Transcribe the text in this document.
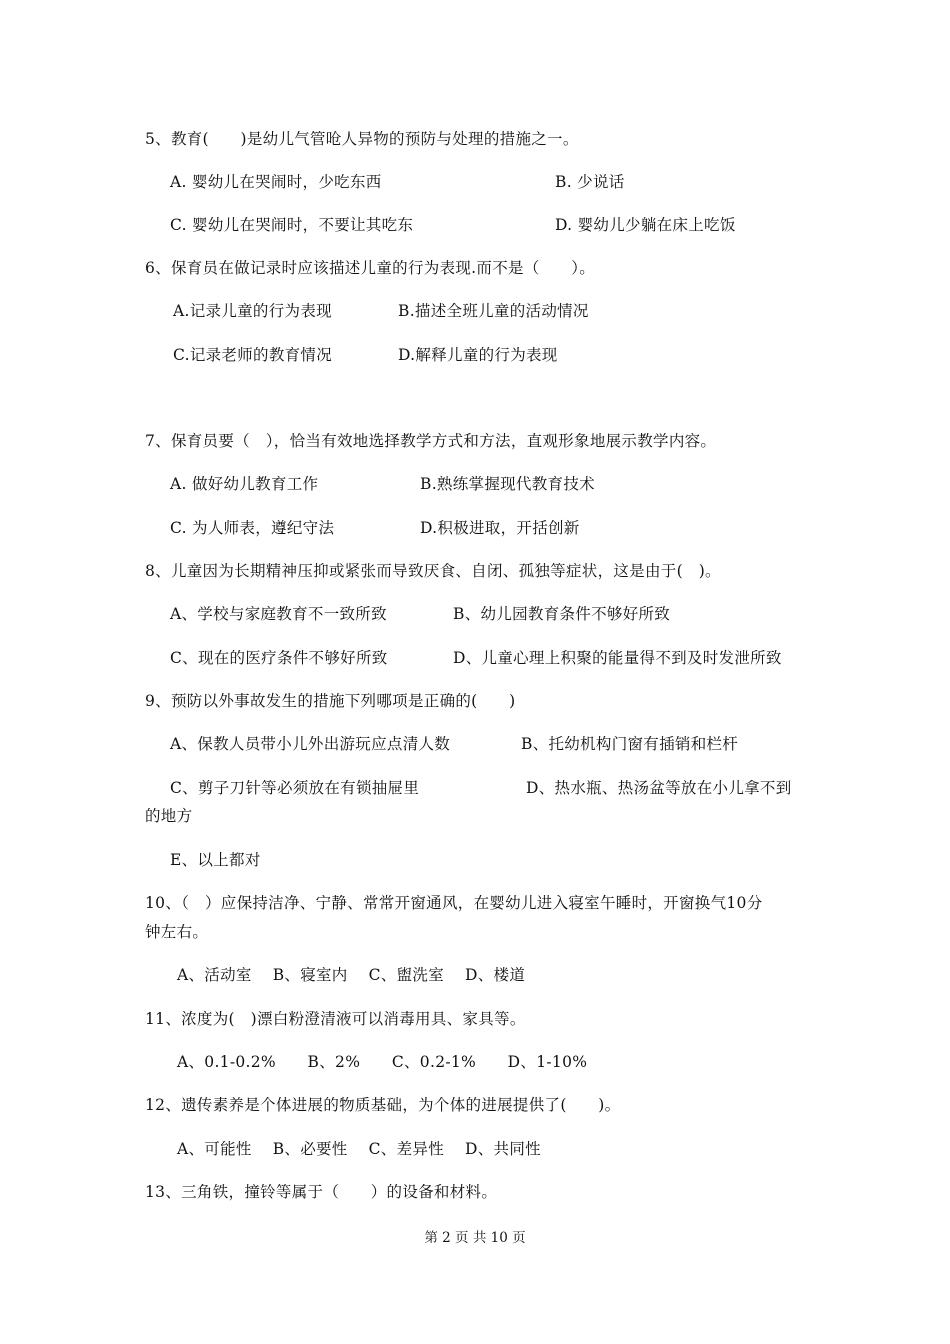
5、教育(　　)是幼儿气管呛人异物的预防与处理的措施之一。
A. 婴幼儿在哭闹时，少吃东西	B. 少说话
C. 婴幼儿在哭闹时，不要让其吃东	D. 婴幼儿少躺在床上吃饭
6、保育员在做记录时应该描述儿童的行为表现.而不是（　　）。
A.记录儿童的行为表现	B.描述全班儿童的活动情况
C.记录老师的教育情况	D.解释儿童的行为表现
7、保育员要（　），恰当有效地选择教学方式和方法，直观形象地展示教学内容。
A. 做好幼儿教育工作	B.熟练掌握现代教育技术
C. 为人师表，遵纪守法	D.积极进取，开括创新
8、儿童因为长期精神压抑或紧张而导致厌食、自闭、孤独等症状，这是由于(　)。
A、学校与家庭教育不一致所致	B、幼儿园教育条件不够好所致
C、现在的医疗条件不够好所致	D、儿童心理上积聚的能量得不到及时发泄所致
9、预防以外事故发生的措施下列哪项是正确的(　　)
A、保教人员带小儿外出游玩应点清人数	B、托幼机构门窗有插销和栏杆
C、剪子刀针等必须放在有锁抽屉里	D、热水瓶、热汤盆等放在小儿拿不到
的地方
E、以上都对
10、（　）应保持洁净、宁静、常常开窗通风，在婴幼儿进入寝室午睡时，开窗换气10分
钟左右。
A、活动室　 B、寝室内　 C、盥洗室　 D、楼道
11、浓度为(　)漂白粉澄清液可以消毒用具、家具等。
A、0.1-0.2%　　B、2%　　C、0.2-1%　　D、1-10%
12、遗传素养是个体进展的物质基础，为个体的进展提供了(　　)。
A、可能性　 B、必要性　 C、差异性　 D、共同性
13、三角铁，撞铃等属于（　　）的设备和材料。
第 2 页 共 10 页
